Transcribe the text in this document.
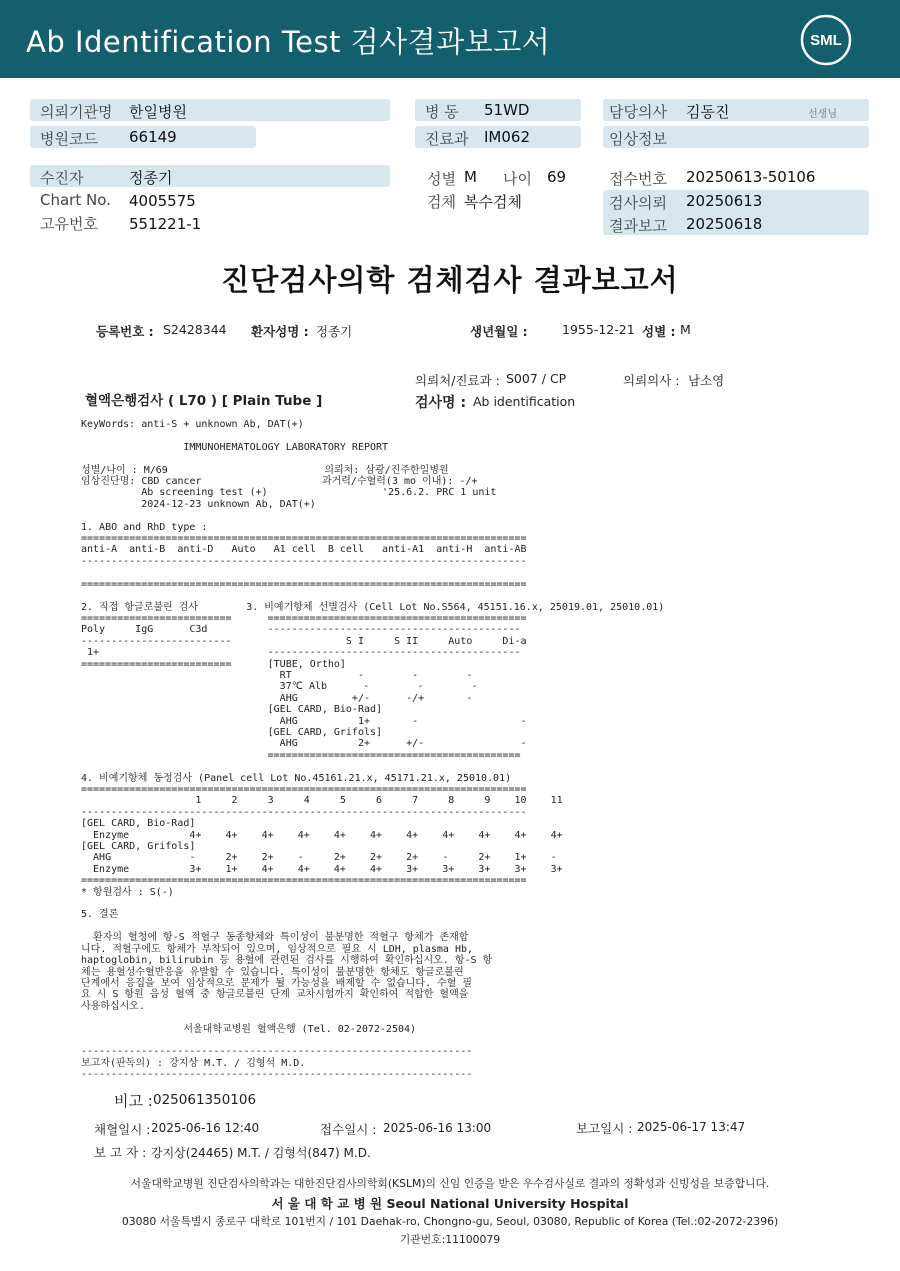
Ab Identification Test 검사결과보고서	SML
의뢰기관명 한일병원
병원코드 66149
병 동 51WD
진료과 IM062
담당의사 김동진	선생님
임상정보
수진자	정종기
Chart No. 4005575
고유번호 551221-1
성별 M 나이 69
검체 복수검체
접수번호 20250613-50106
검사의뢰 20250613
결과보고 20250618
진단검사의학 검체검사 결과보고서
등록번호 : S2428344 환자성명 : 정종기	생년월일 :	1955-12-21 성별 : M
의뢰처/진료과 : S007 / CP	의뢰의사 : 남소영
혈액은행검사 ( L70 ) [ Plain Tube ]	검사명 : Ab identification
KeyWords: anti-S + unknown Ab, DAT(+)

IMMUNOHEMATOLOGY LABORATORY REPORT

성별/나이 : M/69                          의뢰처: 삼광/진주한일병원
임상진단명: CBD cancer                    과거력/수혈력(3 mo 이내): -/+
Ab screening test (+)                   '25.6.2. PRC 1 unit
2024-12-23 unknown Ab, DAT(+)

1. ABO and RhD type :
==========================================================================
anti-A  anti-B  anti-D   Auto   A1 cell  B cell   anti-A1  anti-H  anti-AB
--------------------------------------------------------------------------

==========================================================================

2. 직접 항글로불린 검사        3. 비예기항체 선별검사 (Cell Lot No.S564, 45151.16.x, 25019.01, 25010.01)
=========================      ===========================================
Poly     IgG      C3d          ------------------------------------------
-------------------------                   S I     S II     Auto     Di-a
1+                            ------------------------------------------
=========================      [TUBE, Ortho]
RT           -        -        -
37℃ Alb      -        -        -
AHG         +/-      -/+       -
[GEL CARD, Bio-Rad]
AHG          1+       -                 -
[GEL CARD, Grifols]
AHG          2+      +/-                -
==========================================

4. 비예기항체 동정검사 (Panel cell Lot No.45161.21.x, 45171.21.x, 25010.01)
==========================================================================
1     2     3     4     5     6     7     8     9    10    11
--------------------------------------------------------------------------
[GEL CARD, Bio-Rad]
Enzyme          4+    4+    4+    4+    4+    4+    4+    4+    4+    4+    4+
[GEL CARD, Grifols]
AHG             -     2+    2+    -     2+    2+    2+    -     2+    1+    -
Enzyme          3+    1+    4+    4+    4+    4+    3+    3+    3+    3+    3+
==========================================================================
* 항원검사 : S(-)

5. 결론

환자의 혈청에 항-S 적혈구 동종항체와 특이성이 불분명한 적혈구 항체가 존재합
니다. 적혈구에도 항체가 부착되어 있으며, 임상적으로 필요 시 LDH, plasma Hb,
haptoglobin, bilirubin 등 용혈에 관련된 검사를 시행하여 확인하십시오. 항-S 항
체는 용혈성수혈반응을 유발할 수 있습니다. 특이성이 불분명한 항체도 항글로불린
단계에서 응집을 보여 임상적으로 문제가 될 가능성을 배제할 수 없습니다. 수혈 필
요 시 S 항원 음성 혈액 중 항글로불린 단계 교차시험까지 확인하여 적합한 혈액을
사용하십시오.

서울대학교병원 혈액은행 (Tel. 02-2072-2504)

-----------------------------------------------------------------
보고자(판독의) : 강지상 M.T. / 김형석 M.D.
-----------------------------------------------------------------
비고 : 025061350106
채혈일시 : 2025-06-16 12:40	접수일시 : 2025-06-16 13:00	보고일시 : 2025-06-17 13:47
보 고 자 : 강지상(24465) M.T. / 김형석(847) M.D.
서울대학교병원 진단검사의학과는 대한진단검사의학회(KSLM)의 신임 인증을 받은 우수검사실로 결과의 정확성과 신빙성을 보증합니다.
서 울 대 학 교 병 원 Seoul National University Hospital
03080 서울특별시 종로구 대학로 101번지 / 101 Daehak-ro, Chongno-gu, Seoul, 03080, Republic of Korea (Tel.:02-2072-2396)
기관번호:11100079
